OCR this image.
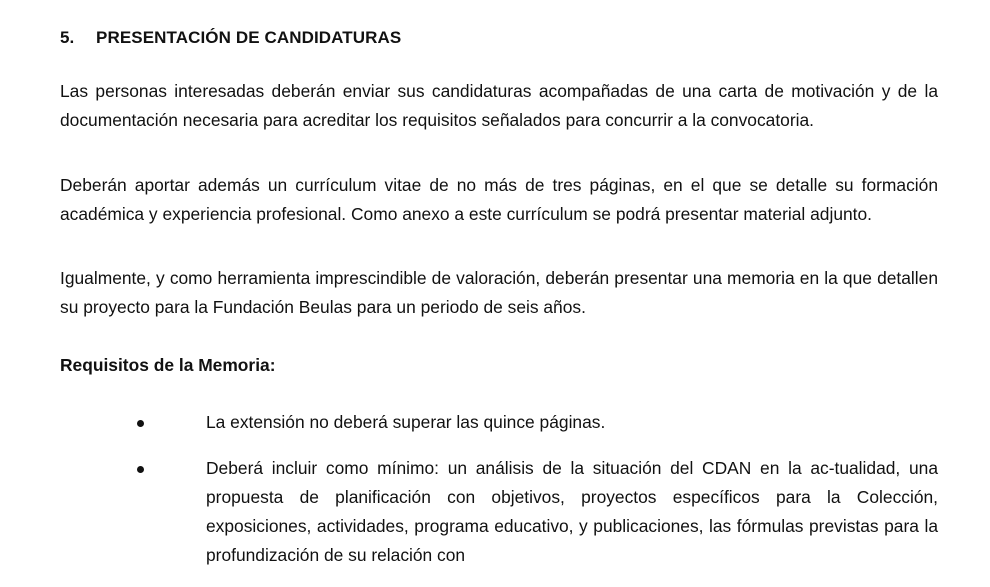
5. PRESENTACIÓN DE CANDIDATURAS
Las personas interesadas deberán enviar sus candidaturas acompañadas de una carta de motivación y de la documentación necesaria para acreditar los requisitos señalados para concurrir a la convocatoria.
Deberán aportar además un currículum vitae de no más de tres páginas, en el que se detalle su formación académica y experiencia profesional. Como anexo a este currículum se podrá presentar material adjunto.
Igualmente, y como herramienta imprescindible de valoración, deberán presentar una memoria en la que detallen su proyecto para la Fundación Beulas para un periodo de seis años.
Requisitos de la Memoria:
La extensión no deberá superar las quince páginas.
Deberá incluir como mínimo: un análisis de la situación del CDAN en la ac-tualidad, una propuesta de planificación con objetivos, proyectos específicos para la Colección, exposiciones, actividades, programa educativo, y publicaciones, las fórmulas previstas para la profundización de su relación con
